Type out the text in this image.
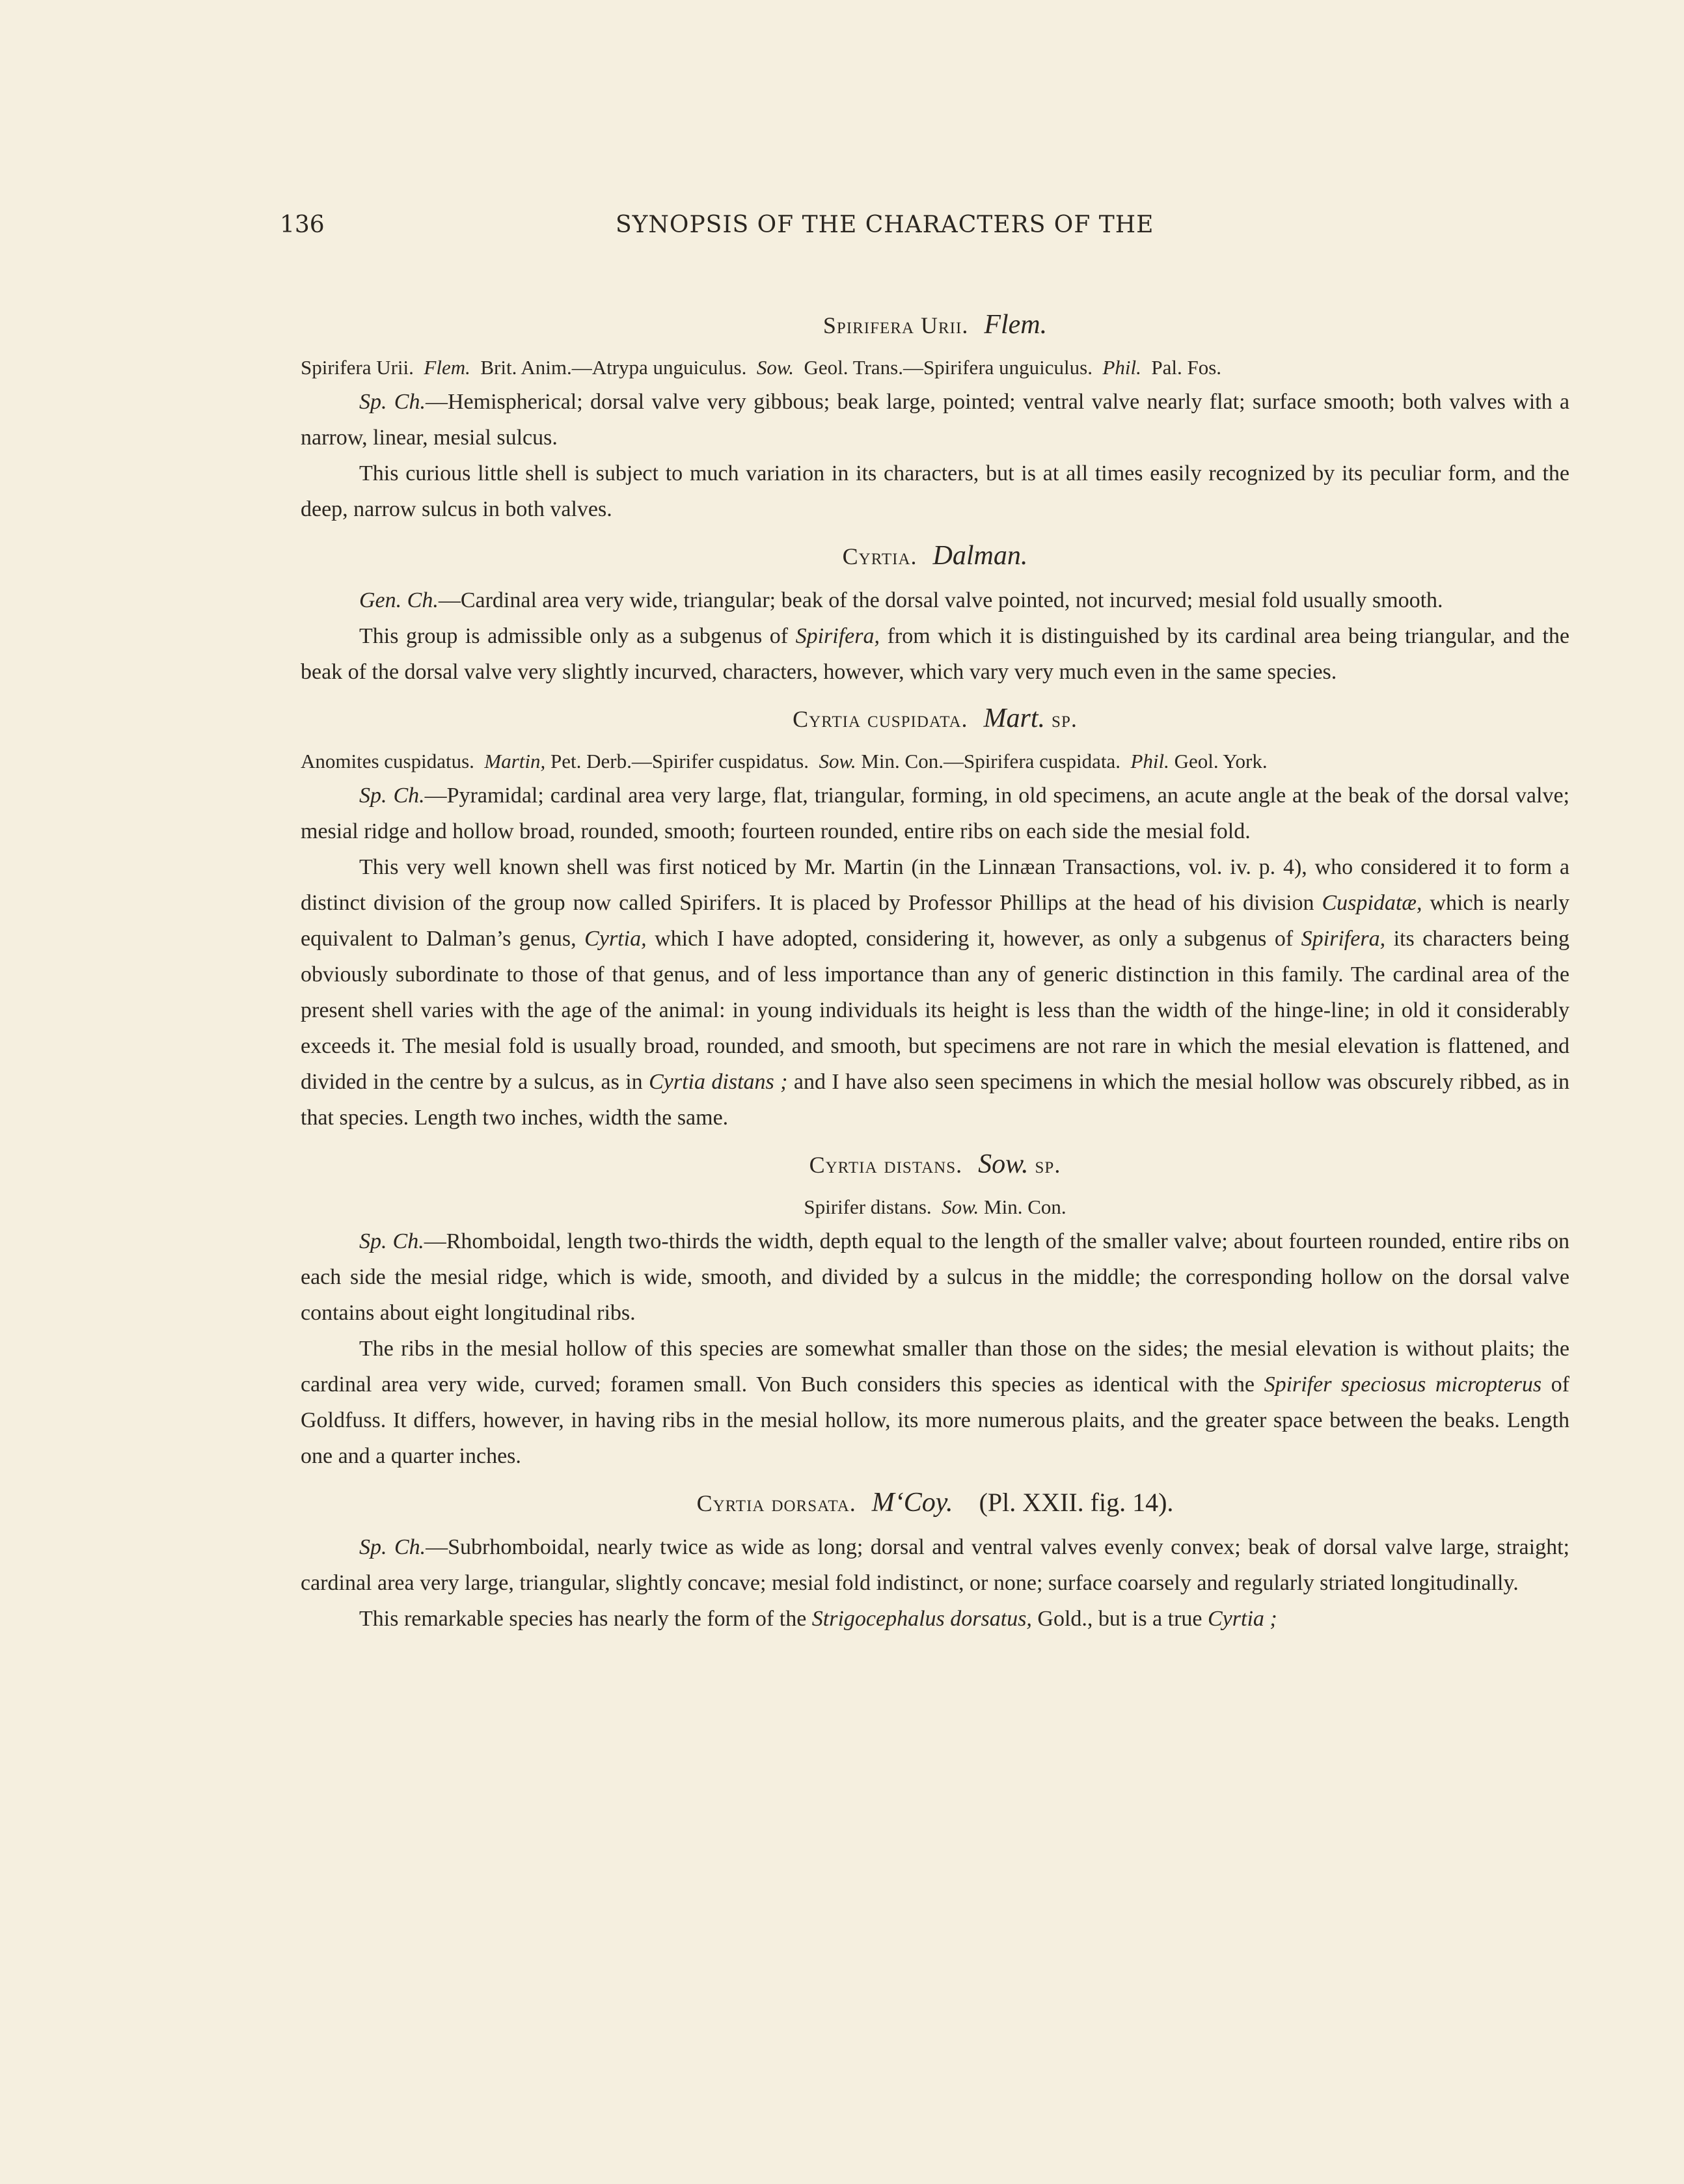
136	SYNOPSIS OF THE CHARACTERS OF THE
Spirifera Urii. Flem.

Spirifera Urii. Flem. Brit. Anim.—Atrypa unguiculus. Sow. Geol. Trans.—Spirifera unguiculus. Phil. Pal. Fos.

Sp. Ch.—Hemispherical; dorsal valve very gibbous; beak large, pointed; ventral valve nearly flat; surface smooth; both valves with a narrow, linear, mesial sulcus.

This curious little shell is subject to much variation in its characters, but is at all times easily recognized by its peculiar form, and the deep, narrow sulcus in both valves.

Cyrtia. Dalman.

Gen. Ch.—Cardinal area very wide, triangular; beak of the dorsal valve pointed, not incurved; mesial fold usually smooth.

This group is admissible only as a subgenus of Spirifera, from which it is distinguished by its cardinal area being triangular, and the beak of the dorsal valve very slightly incurved, characters, however, which vary very much even in the same species.

Cyrtia cuspidata. Mart. sp.

Anomites cuspidatus. Martin, Pet. Derb.—Spirifer cuspidatus. Sow. Min. Con.—Spirifera cuspidata. Phil. Geol. York.

Sp. Ch.—Pyramidal; cardinal area very large, flat, triangular, forming, in old specimens, an acute angle at the beak of the dorsal valve; mesial ridge and hollow broad, rounded, smooth; fourteen rounded, entire ribs on each side the mesial fold.

This very well known shell was first noticed by Mr. Martin (in the Linnæan Transactions, vol. iv. p. 4), who considered it to form a distinct division of the group now called Spirifers. It is placed by Professor Phillips at the head of his division Cuspidatæ, which is nearly equivalent to Dalman’s genus, Cyrtia, which I have adopted, considering it, however, as only a subgenus of Spirifera, its characters being obviously subordinate to those of that genus, and of less importance than any of generic distinction in this family. The cardinal area of the present shell varies with the age of the animal: in young individuals its height is less than the width of the hinge-line; in old it considerably exceeds it. The mesial fold is usually broad, rounded, and smooth, but specimens are not rare in which the mesial elevation is flattened, and divided in the centre by a sulcus, as in Cyrtia distans ; and I have also seen specimens in which the mesial hollow was obscurely ribbed, as in that species. Length two inches, width the same.

Cyrtia distans. Sow. sp.

Spirifer distans. Sow. Min. Con.

Sp. Ch.—Rhomboidal, length two-thirds the width, depth equal to the length of the smaller valve; about fourteen rounded, entire ribs on each side the mesial ridge, which is wide, smooth, and divided by a sulcus in the middle; the corresponding hollow on the dorsal valve contains about eight longitudinal ribs.

The ribs in the mesial hollow of this species are somewhat smaller than those on the sides; the mesial elevation is without plaits; the cardinal area very wide, curved; foramen small. Von Buch considers this species as identical with the Spirifer speciosus micropterus of Goldfuss. It differs, however, in having ribs in the mesial hollow, its more numerous plaits, and the greater space between the beaks. Length one and a quarter inches.

Cyrtia dorsata. M‘Coy. (Pl. XXII. fig. 14).

Sp. Ch.—Subrhomboidal, nearly twice as wide as long; dorsal and ventral valves evenly convex; beak of dorsal valve large, straight; cardinal area very large, triangular, slightly concave; mesial fold indistinct, or none; surface coarsely and regularly striated longitudinally.

This remarkable species has nearly the form of the Strigocephalus dorsatus, Gold., but is a true Cyrtia ;
